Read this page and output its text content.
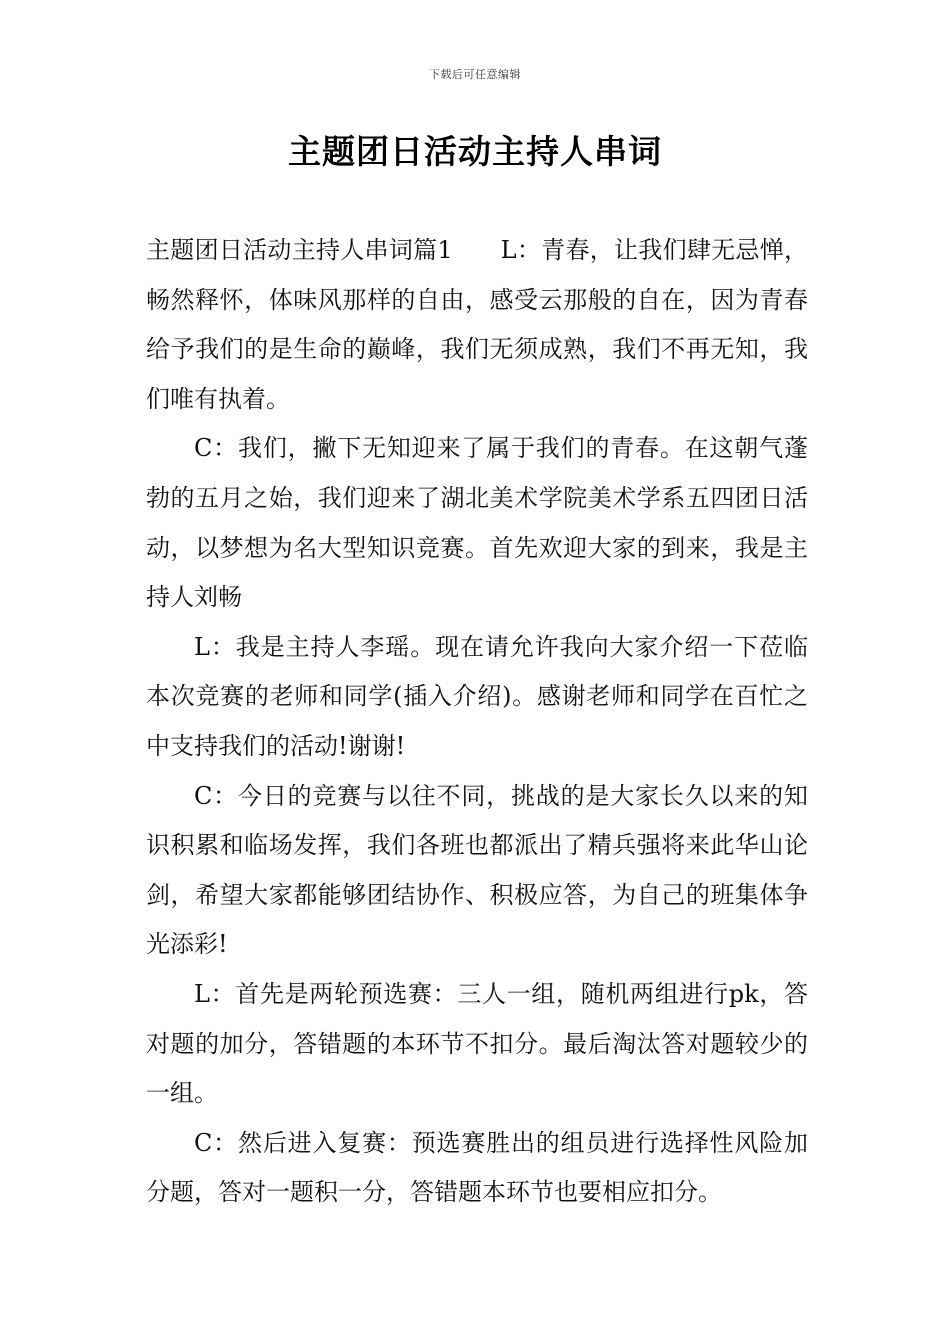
下载后可任意编辑
主题团日活动主持人串词

主题团日活动主持人串词篇1 L：青春，让我们肆无忌惮，畅然释怀，体味风那样的自由，感受云那般的自在，因为青春给予我们的是生命的巅峰，我们无须成熟，我们不再无知，我们唯有执着。

C：我们，撇下无知迎来了属于我们的青春。在这朝气蓬勃的五月之始，我们迎来了湖北美术学院美术学系五四团日活动，以梦想为名大型知识竞赛。首先欢迎大家的到来，我是主持人刘畅

L：我是主持人李瑶。现在请允许我向大家介绍一下莅临本次竞赛的老师和同学(插入介绍)。感谢老师和同学在百忙之中支持我们的活动!谢谢!

C：今日的竞赛与以往不同，挑战的是大家长久以来的知识积累和临场发挥，我们各班也都派出了精兵强将来此华山论剑，希望大家都能够团结协作、积极应答，为自己的班集体争光添彩!

L：首先是两轮预选赛：三人一组，随机两组进行pk，答对题的加分，答错题的本环节不扣分。最后淘汰答对题较少的一组。

C：然后进入复赛：预选赛胜出的组员进行选择性风险加分题，答对一题积一分，答错题本环节也要相应扣分。
